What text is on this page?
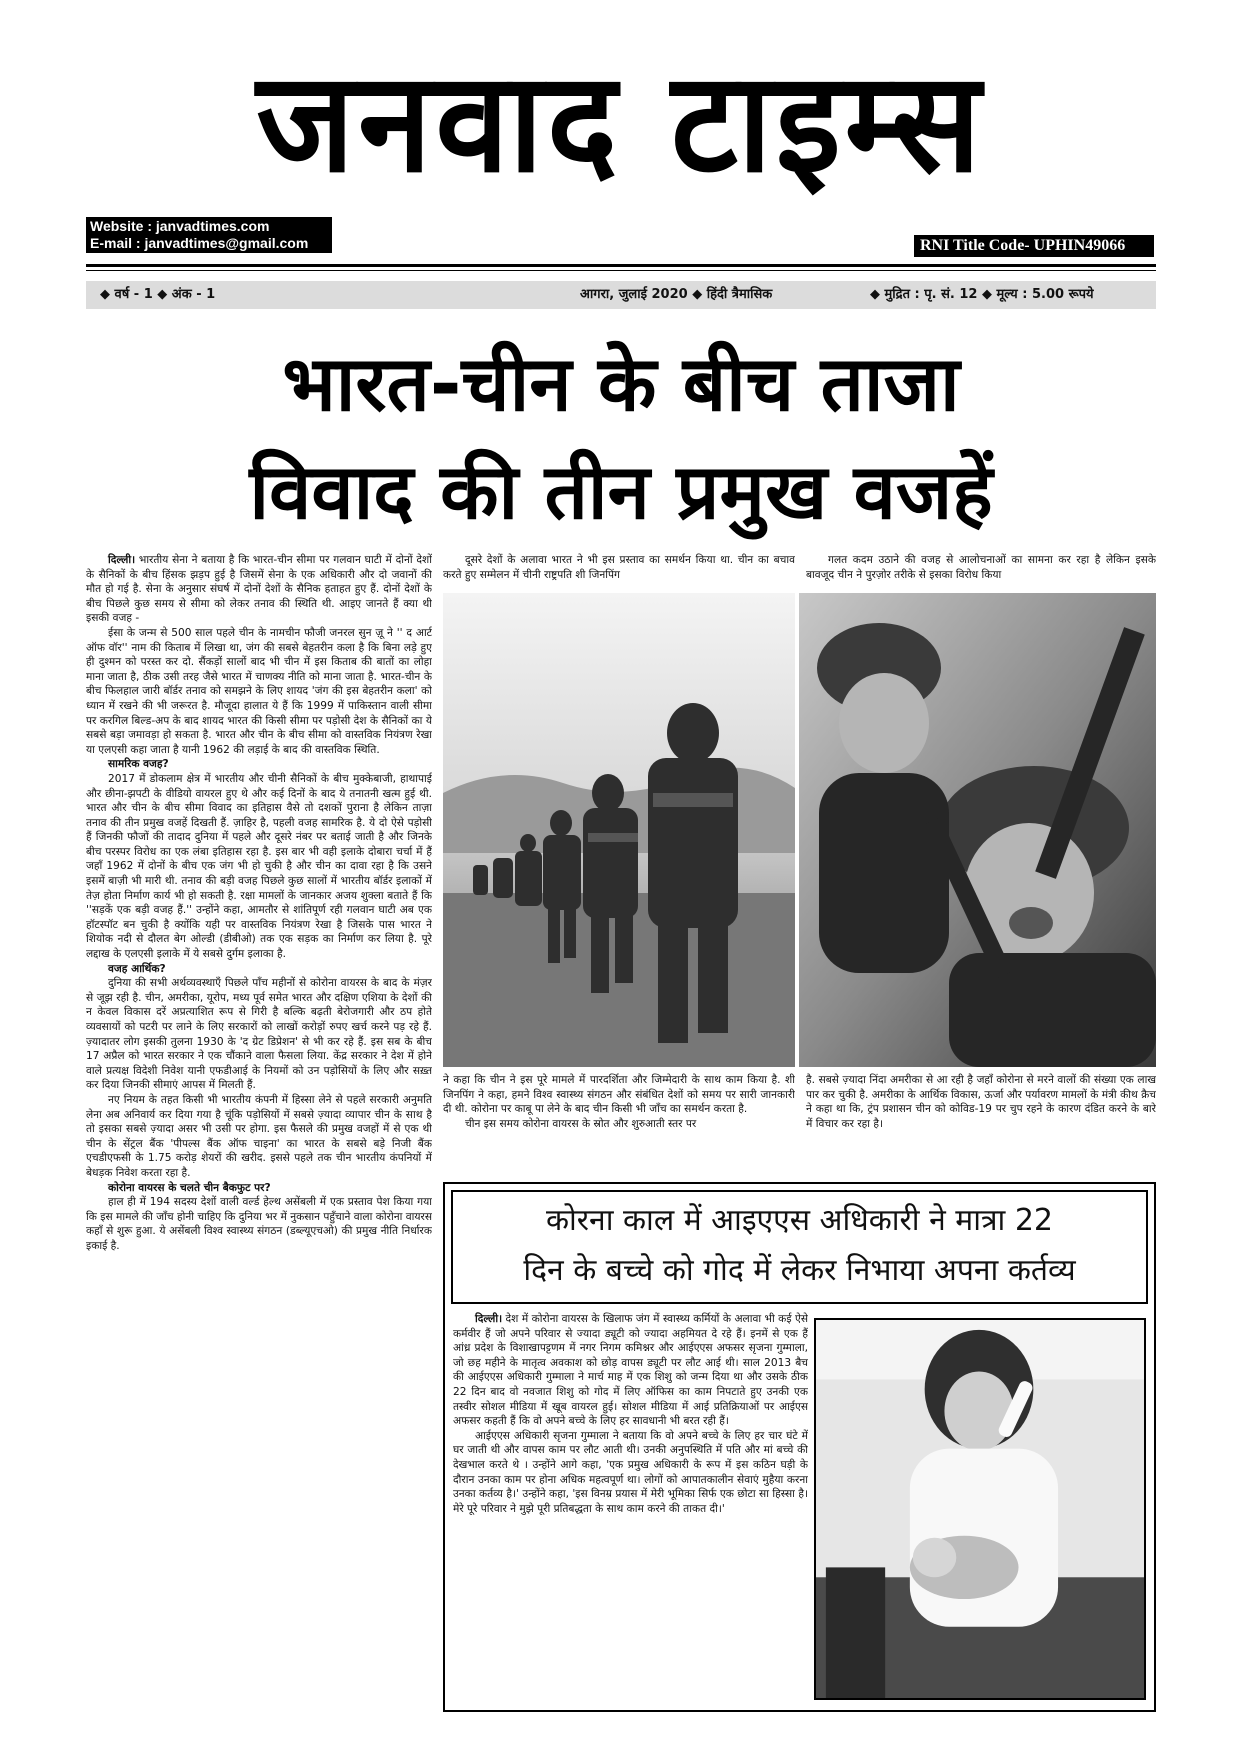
जनवाद टाइम्स
Website : janvadtimes.com
E-mail : janvadtimes@gmail.com	RNI Title Code- UPHIN49066
◆ वर्ष - 1 ◆ अंक - 1	आगरा, जुलाई 2020 ◆ हिंदी त्रैमासिक	◆ मुद्रित : पृ. सं. 12 ◆ मूल्य : 5.00 रूपये
भारत-चीन के बीच ताजा
विवाद की तीन प्रमुख वजहें

दिल्ली। भारतीय सेना ने बताया है कि भारत-चीन सीमा पर गलवान घाटी में दोनों देशों के सैनिकों के बीच हिंसक झड़प हुई है जिसमें सेना के एक अधिकारी और दो जवानों की मौत हो गई है. सेना के अनुसार संघर्ष में दोनों देशों के सैनिक हताहत हुए हैं. दोनों देशों के बीच पिछले कुछ समय से सीमा को लेकर तनाव की स्थिति थी. आइए जानते हैं क्या थी इसकी वजह -

ईसा के जन्म से 500 साल पहले चीन के नामचीन फौजी जनरल सुन ज़ू ने '' द आर्ट ऑफ वॉर'' नाम की किताब में लिखा था, जंग की सबसे बेहतरीन कला है कि बिना लड़े हुए ही दुश्मन को परस्त कर दो. सैंकड़ों सालों बाद भी चीन में इस किताब की बातों का लोहा माना जाता है, ठीक उसी तरह जैसे भारत में चाणक्य नीति को माना जाता है. भारत-चीन के बीच फिलहाल जारी बॉर्डर तनाव को समझने के लिए शायद 'जंग की इस बेहतरीन कला' को ध्यान में रखने की भी जरूरत है. मौजूदा हालात ये हैं कि 1999 में पाकिस्तान वाली सीमा पर करगिल बिल्ड-अप के बाद शायद भारत की किसी सीमा पर पड़ोसी देश के सैनिकों का ये सबसे बड़ा जमावड़ा हो सकता है. भारत और चीन के बीच सीमा को वास्तविक नियंत्रण रेखा या एलएसी कहा जाता है यानी 1962 की लड़ाई के बाद की वास्तविक स्थिति.

सामरिक वजह?

2017 में डोकलाम क्षेत्र में भारतीय और चीनी सैनिकों के बीच मुक्केबाजी, हाथापाई और छीना-झपटी के वीडियो वायरल हुए थे और कई दिनों के बाद ये तनातनी खत्म हुई थी. भारत और चीन के बीच सीमा विवाद का इतिहास वैसे तो दशकों पुराना है लेकिन ताज़ा तनाव की तीन प्रमुख वजहें दिखती हैं. ज़ाहिर है, पहली वजह सामरिक है. ये दो ऐसे पड़ोसी हैं जिनकी फौजों की तादाद दुनिया में पहले और दूसरे नंबर पर बताई जाती है और जिनके बीच परस्पर विरोध का एक लंबा इतिहास रहा है. इस बार भी वही इलाके दोबारा चर्चा में हैं जहाँ 1962 में दोनों के बीच एक जंग भी हो चुकी है और चीन का दावा रहा है कि उसने इसमें बाज़ी भी मारी थी. तनाव की बड़ी वजह पिछले कुछ सालों में भारतीय बॉर्डर इलाकों में तेज़ होता निर्माण कार्य भी हो सकती है. रक्षा मामलों के जानकार अजय शुक्ला बताते हैं कि ''सड़कें एक बड़ी वजह हैं.'' उन्होंने कहा, आमतौर से शांतिपूर्ण रही गलवान घाटी अब एक हॉटस्पॉट बन चुकी है क्योंकि यही पर वास्तविक नियंत्रण रेखा है जिसके पास भारत ने शियोक नदी से दौलत बेग ओल्डी (डीबीओ) तक एक सड़क का निर्माण कर लिया है. पूरे लद्दाख के एलएसी इलाके में ये सबसे दुर्गम इलाका है.

वजह आर्थिक?

दुनिया की सभी अर्थव्यवस्थाएँ पिछले पाँच महीनों से कोरोना वायरस के बाद के मंज़र से जूझ रही है. चीन, अमरीका, यूरोप, मध्य पूर्व समेत भारत और दक्षिण एशिया के देशों की न केवल विकास दरें अप्रत्याशित रूप से गिरी है बल्कि बढ़ती बेरोजगारी और ठप होते व्यवसायों को पटरी पर लाने के लिए सरकारों को लाखों करोड़ों रुपए खर्च करने पड़ रहे हैं. ज़्यादातर लोग इसकी तुलना 1930 के 'द ग्रेट डिप्रेशन' से भी कर रहे हैं. इस सब के बीच 17 अप्रैल को भारत सरकार ने एक चौंकाने वाला फैसला लिया. केंद्र सरकार ने देश में होने वाले प्रत्यक्ष विदेशी निवेश यानी एफडीआई के नियमों को उन पड़ोसियों के लिए और सख़्त कर दिया जिनकी सीमाएं आपस में मिलती हैं.

नए नियम के तहत किसी भी भारतीय कंपनी में हिस्सा लेने से पहले सरकारी अनुमति लेना अब अनिवार्य कर दिया गया है चूंकि पड़ोसियों में सबसे ज़्यादा व्यापार चीन के साथ है तो इसका सबसे ज़्यादा असर भी उसी पर होगा. इस फैसले की प्रमुख वजहों में से एक थी चीन के सेंट्रल बैंक 'पीपल्स बैंक ऑफ चाइना' का भारत के सबसे बड़े निजी बैंक एचडीएफसी के 1.75 करोड़ शेयरों की खरीद. इससे पहले तक चीन भारतीय कंपनियों में बेधड़क निवेश करता रहा है.

कोरोना वायरस के चलते चीन बैकफुट पर?

हाल ही में 194 सदस्य देशों वाली वर्ल्ड हेल्थ असेंबली में एक प्रस्ताव पेश किया गया कि इस मामले की जाँच होनी चाहिए कि दुनिया भर में नुकसान पहुँचाने वाला कोरोना वायरस कहाँ से शुरू हुआ. ये असेंबली विश्व स्वास्थ्य संगठन (डब्ल्यूएचओ) की प्रमुख नीति निर्धारक इकाई है.

दूसरे देशों के अलावा भारत ने भी इस प्रस्ताव का समर्थन किया था. चीन का बचाव करते हुए सम्मेलन में चीनी राष्ट्रपति शी जिनपिंग

गलत कदम उठाने की वजह से आलोचनाओं का सामना कर रहा है लेकिन इसके बावजूद चीन ने पुरज़ोर तरीके से इसका विरोध किया

ने कहा कि चीन ने इस पूरे मामले में पारदर्शिता और जिम्मेदारी के साथ काम किया है. शी जिनपिंग ने कहा, हमने विश्व स्वास्थ्य संगठन और संबंधित देशों को समय पर सारी जानकारी दी थी. कोरोना पर काबू पा लेने के बाद चीन किसी भी जाँच का समर्थन करता है.

चीन इस समय कोरोना वायरस के स्रोत और शुरुआती स्तर पर

है. सबसे ज़्यादा निंदा अमरीका से आ रही है जहाँ कोरोना से मरने वालों की संख्या एक लाख पार कर चुकी है. अमरीका के आर्थिक विकास, ऊर्जा और पर्यावरण मामलों के मंत्री कीथ क्रैच ने कहा था कि, ट्रंप प्रशासन चीन को कोविड-19 पर चुप रहने के कारण दंडित करने के बारे में विचार कर रहा है।

कोरना काल में आइएएस अधिकारी ने मात्रा 22
दिन के बच्चे को गोद में लेकर निभाया अपना कर्तव्य

दिल्ली। देश में कोरोना वायरस के खिलाफ जंग में स्वास्थ्य कर्मियों के अलावा भी कई ऐसे कर्मवीर हैं जो अपने परिवार से ज्यादा ड्यूटी को ज्यादा अहमियत दे रहे हैं। इनमें से एक हैं आंध्र प्रदेश के विशाखापट्टणम में नगर निगम कमिश्नर और आईएएस अफसर सृजना गुम्माला, जो छह महीने के मातृत्व अवकाश को छोड़ वापस ड्यूटी पर लौट आई थी। साल 2013 बैच की आईएएस अधिकारी गुम्माला ने मार्च माह में एक शिशु को जन्म दिया था और उसके ठीक 22 दिन बाद वो नवजात शिशु को गोद में लिए ऑफिस का काम निपटाते हुए उनकी एक तस्वीर सोशल मीडिया में खूब वायरल हुई। सोशल मीडिया में आई प्रतिक्रियाओं पर आईएस अफसर कहती हैं कि वो अपने बच्चे के लिए हर सावधानी भी बरत रही हैं।

आईएएस अधिकारी सृजना गुम्माला ने बताया कि वो अपने बच्चे के लिए हर चार घंटे में घर जाती थी और वापस काम पर लौट आती थी। उनकी अनुपस्थिति में पति और मां बच्चे की देखभाल करते थे । उन्होंने आगे कहा, 'एक प्रमुख अधिकारी के रूप में इस कठिन घड़ी के दौरान उनका काम पर होना अधिक महत्वपूर्ण था। लोगों को आपातकालीन सेवाएं मुहैया करना उनका कर्तव्य है।' उन्होंने कहा, 'इस विनम्र प्रयास में मेरी भूमिका सिर्फ एक छोटा सा हिस्सा है। मेरे पूरे परिवार ने मुझे पूरी प्रतिबद्धता के साथ काम करने की ताकत दी।'
